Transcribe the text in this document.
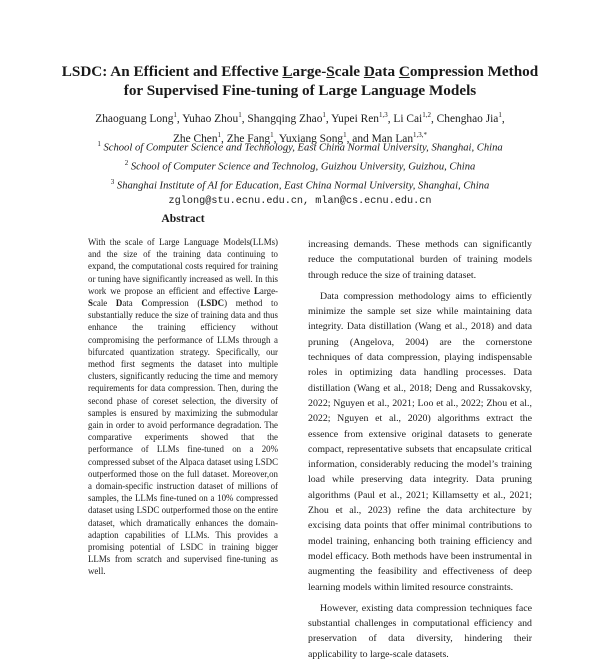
LSDC: An Efficient and Effective Large-Scale Data Compression Method
for Supervised Fine-tuning of Large Language Models
Zhaoguang Long$^1$, Yuhao Zhou$^1$, Shangqing Zhao$^1$, Yupei Ren$^{1,3}$, Li Cai$^{1,2}$, Chenghao Jia$^1$,
Zhe Chen$^1$, Zhe Fang$^1$, Yuxiang Song$^1$, and Man Lan$^{1,3,*}$
$^1$ School of Computer Science and Technology, East China Normal University, Shanghai, China
$^2$ School of Computer Science and Technolog, Guizhou University, Guizhou, China
$^3$ Shanghai Institute of AI for Education, East China Normal University, Shanghai, China
zglong@stu.ecnu.edu.cn, mlan@cs.ecnu.edu.cn
Abstract
With the scale of Large Language Models(LLMs) and the size of the training data continuing to expand, the computational costs required for training or tuning have significantly increased as well. In this work we propose an efficient and effective Large-Scale Data Compression (LSDC) method to substantially reduce the size of training data and thus enhance the training efficiency without compromising the performance of LLMs through a bifurcated quantization strategy. Specifically, our method first segments the dataset into multiple clusters, significantly reducing the time and memory requirements for data compression. Then, during the second phase of coreset selection, the diversity of samples is ensured by maximizing the submodular gain in order to avoid performance degradation. The comparative experiments showed that the performance of LLMs fine-tuned on a 20% compressed subset of the Alpaca dataset using LSDC outperformed those on the full dataset. Moreover,on a domain-specific instruction dataset of millions of samples, the LLMs fine-tuned on a 10% compressed dataset using LSDC outperformed those on the entire dataset, which dramatically enhances the domain-adaption capabilities of LLMs. This provides a promising potential of LSDC in training bigger LLMs from scratch and supervised fine-tuning as well.

increasing demands. These methods can significantly reduce the computational burden of training models through reduce the size of training dataset.

Data compression methodology aims to efficiently minimize the sample set size while maintaining data integrity. Data distillation (Wang et al., 2018) and data pruning (Angelova, 2004) are the cornerstone techniques of data compression, playing indispensable roles in optimizing data handling processes. Data distillation (Wang et al., 2018; Deng and Russakovsky, 2022; Nguyen et al., 2021; Loo et al., 2022; Zhou et al., 2022; Nguyen et al., 2020) algorithms extract the essence from extensive original datasets to generate compact, representative subsets that encapsulate critical information, considerably reducing the model’s training load while preserving data integrity. Data pruning algorithms (Paul et al., 2021; Killamsetty et al., 2021; Zhou et al., 2023) refine the data architecture by excising data points that offer minimal contributions to model training, enhancing both training efficiency and model efficacy. Both methods have been instrumental in augmenting the feasibility and effectiveness of deep learning models within limited resource constraints.

However, existing data compression techniques face substantial challenges in computational efficiency and preservation of data diversity, hindering their applicability to large-scale datasets.
